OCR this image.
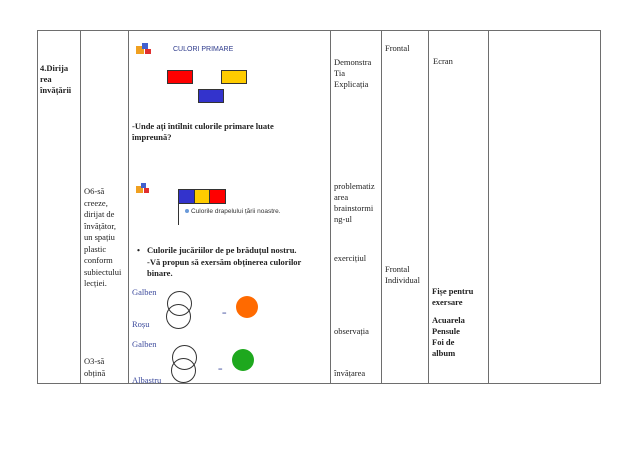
4.Dirija
rea
învățării
O6-să
creeze,
dirijat de
învățător,
un spațiu
plastic
conform
subiectului
lecției.
O3-să
obțină
CULORI PRIMARE
-Unde ați întîlnit culorile primare luate
împreună?
Culorile drapelului țării noastre.
• Culorile jucăriilor de pe brăduțul nostru.
-Vă propun să exersăm obținerea culorilor
binare.
Galben
=
Roșu
Galben
=
Albastru
Demonstra
Tia
Explicația
problematiz
area
brainstormi
ng-ul
exercițiul
observația
învățarea
Frontal
Frontal
Individual
Ecran
Fișe pentru
exersare
Acuarela
Pensule
Foi de
album
